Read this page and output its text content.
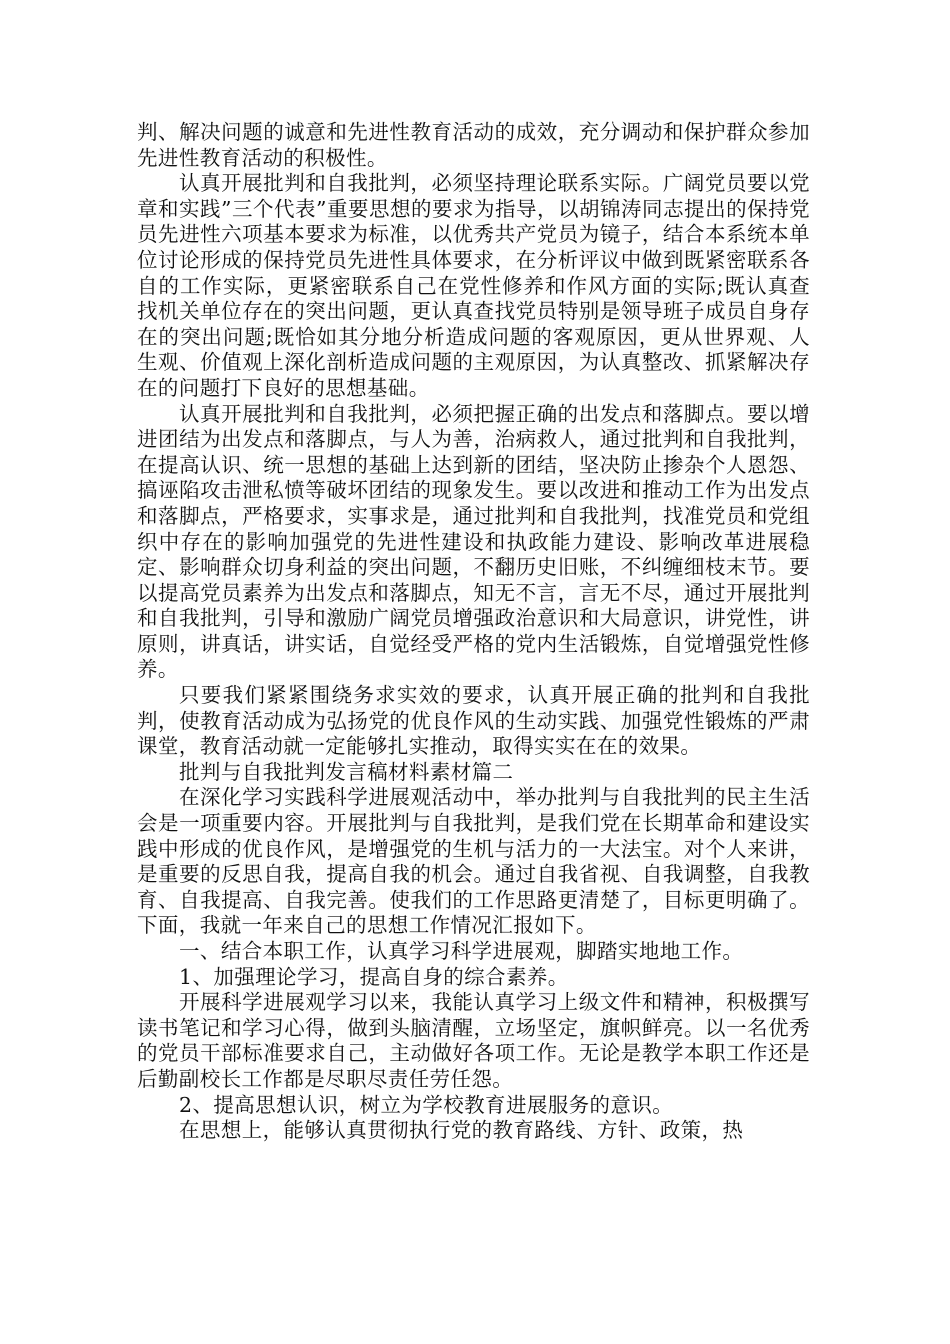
判、解决问题的诚意和先进性教育活动的成效，充分调动和保护群众参加先进性教育活动的积极性。

认真开展批判和自我批判，必须坚持理论联系实际。广阔党员要以党章和实践”三个代表”重要思想的要求为指导，以胡锦涛同志提出的保持党员先进性六项基本要求为标准，以优秀共产党员为镜子，结合本系统本单位讨论形成的保持党员先进性具体要求，在分析评议中做到既紧密联系各自的工作实际，更紧密联系自己在党性修养和作风方面的实际;既认真查找机关单位存在的突出问题，更认真查找党员特别是领导班子成员自身存在的突出问题;既恰如其分地分析造成问题的客观原因，更从世界观、人生观、价值观上深化剖析造成问题的主观原因，为认真整改、抓紧解决存在的问题打下良好的思想基础。

认真开展批判和自我批判，必须把握正确的出发点和落脚点。要以增进团结为出发点和落脚点，与人为善，治病救人，通过批判和自我批判，在提高认识、统一思想的基础上达到新的团结，坚决防止掺杂个人恩怨、搞诬陷攻击泄私愤等破坏团结的现象发生。要以改进和推动工作为出发点和落脚点，严格要求，实事求是，通过批判和自我批判，找准党员和党组织中存在的影响加强党的先进性建设和执政能力建设、影响改革进展稳定、影响群众切身利益的突出问题，不翻历史旧账，不纠缠细枝末节。要以提高党员素养为出发点和落脚点，知无不言，言无不尽，通过开展批判和自我批判，引导和激励广阔党员增强政治意识和大局意识，讲党性，讲原则，讲真话，讲实话，自觉经受严格的党内生活锻炼，自觉增强党性修养。

只要我们紧紧围绕务求实效的要求，认真开展正确的批判和自我批判，使教育活动成为弘扬党的优良作风的生动实践、加强党性锻炼的严肃课堂，教育活动就一定能够扎实推动，取得实实在在的效果。

批判与自我批判发言稿材料素材篇二

在深化学习实践科学进展观活动中，举办批判与自我批判的民主生活会是一项重要内容。开展批判与自我批判，是我们党在长期革命和建设实践中形成的优良作风，是增强党的生机与活力的一大法宝。对个人来讲，是重要的反思自我，提高自我的机会。通过自我省视、自我调整，自我教育、自我提高、自我完善。使我们的工作思路更清楚了，目标更明确了。下面，我就一年来自己的思想工作情况汇报如下。

一、结合本职工作，认真学习科学进展观，脚踏实地地工作。

1、加强理论学习，提高自身的综合素养。

开展科学进展观学习以来，我能认真学习上级文件和精神，积极撰写读书笔记和学习心得，做到头脑清醒，立场坚定，旗帜鲜亮。以一名优秀的党员干部标准要求自己，主动做好各项工作。无论是教学本职工作还是后勤副校长工作都是尽职尽责任劳任怨。

2、提高思想认识，树立为学校教育进展服务的意识。

在思想上，能够认真贯彻执行党的教育路线、方针、政策，热
